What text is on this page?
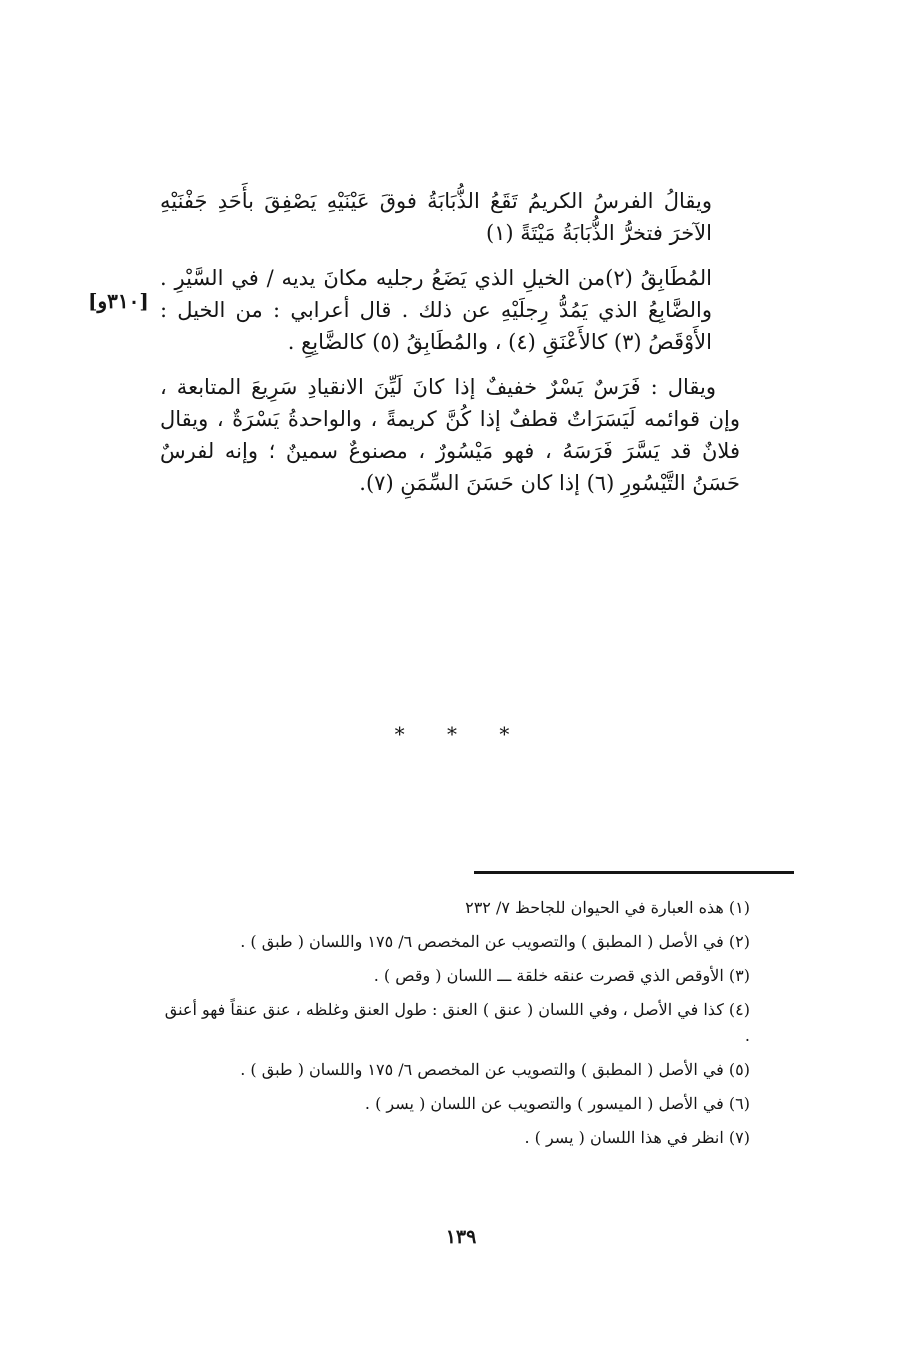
ويقالُ الفرسُ الكريمُ تَقَعُ الذُّبَابَةُ فوقَ عَيْنَيْهِ يَصْفِقَ بأَحَدِ جَفْنَيْهِ الآخرَ فتخرُّ الذُّبَابَةُ مَيْتَةً (١)

المُطَابِقُ (٢)من الخيلِ الذي يَضَعُ رجليه مكانَ يديه / في السَّيْرِ . والضَّابِعُ الذي يَمُدُّ رِجلَيْهِ عن ذلك . قال أعرابي : من الخيل : الأَوْقَصُ (٣) كالأَعْنَقِ (٤) ، والمُطَابِقُ (٥) كالضَّابِعِ .

ويقال : فَرَسٌ يَسْرٌ خفيفٌ إذا كانَ لَيِّنَ الانقيادِ سَرِيعَ المتابعة ، وإن قوائمه لَيَسَرَاتٌ قطفٌ إذا كُنَّ كريمةً ، والواحدةُ يَسْرَةٌ ، ويقال فلانٌ قد يَسَّرَ فَرَسَهُ ، فهو مَيْسُورٌ ، مصنوعٌ سمينٌ ؛ وإنه لفرسٌ حَسَنُ التَّيْسُورِ (٦) إذا كان حَسَنَ السِّمَنِ (٧).

[٣١٠و]
* * *

(١) هذه العبارة في الحيوان للجاحظ ٧/ ٢٣٢

(٢) في الأصل ( المطبق ) والتصويب عن المخصص ٦/ ١٧٥ واللسان ( طبق ) .

(٣) الأوقص الذي قصرت عنقه خلقة ـــ اللسان ( وقص ) .

(٤) كذا في الأصل ، وفي اللسان ( عنق ) العنق : طول العنق وغلظه ، عنق عنقاً فهو أعنق .

(٥) في الأصل ( المطبق ) والتصويب عن المخصص ٦/ ١٧٥ واللسان ( طبق ) .

(٦) في الأصل ( الميسور ) والتصويب عن اللسان ( يسر ) .

(٧) انظر في هذا اللسان ( يسر ) .

١٣٩
